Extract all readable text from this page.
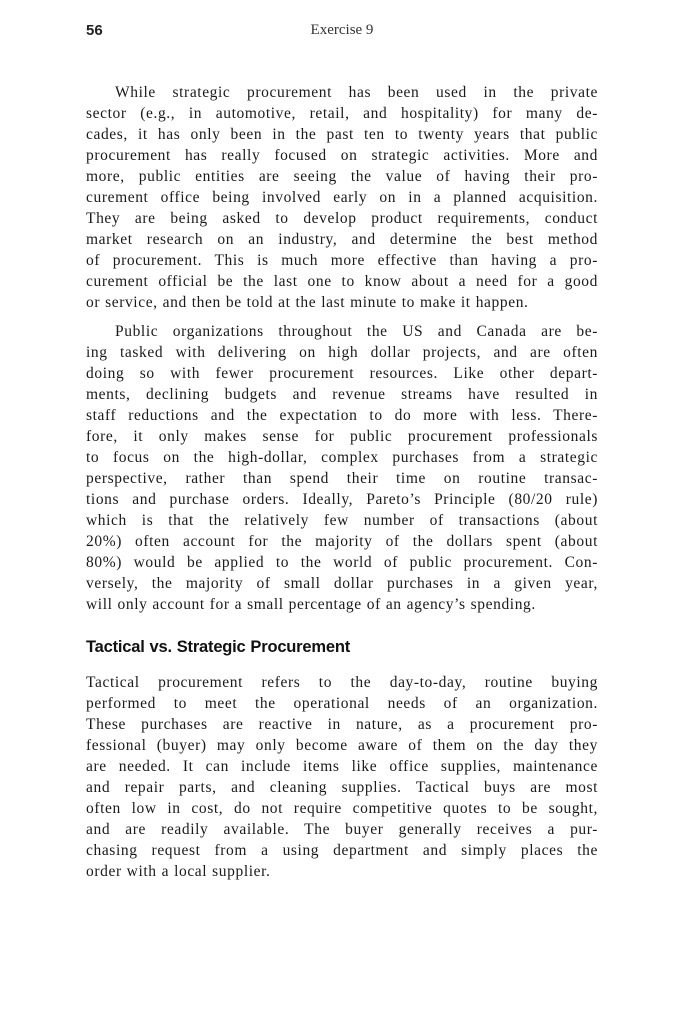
56	Exercise 9
While strategic procurement has been used in the private
sector (e.g., in automotive, retail, and hospitality) for many de-
cades, it has only been in the past ten to twenty years that public
procurement has really focused on strategic activities. More and
more, public entities are seeing the value of having their pro-
curement office being involved early on in a planned acquisition.
They are being asked to develop product requirements, conduct
market research on an industry, and determine the best method
of procurement. This is much more effective than having a pro-
curement official be the last one to know about a need for a good
or service, and then be told at the last minute to make it happen.
Public organizations throughout the US and Canada are be-
ing tasked with delivering on high dollar projects, and are often
doing so with fewer procurement resources. Like other depart-
ments, declining budgets and revenue streams have resulted in
staff reductions and the expectation to do more with less. There-
fore, it only makes sense for public procurement professionals
to focus on the high-dollar, complex purchases from a strategic
perspective, rather than spend their time on routine transac-
tions and purchase orders. Ideally, Pareto’s Principle (80/20 rule)
which is that the relatively few number of transactions (about
20%) often account for the majority of the dollars spent (about
80%) would be applied to the world of public procurement. Con-
versely, the majority of small dollar purchases in a given year,
will only account for a small percentage of an agency’s spending.
Tactical vs. Strategic Procurement
Tactical procurement refers to the day-to-day, routine buying
performed to meet the operational needs of an organization.
These purchases are reactive in nature, as a procurement pro-
fessional (buyer) may only become aware of them on the day they
are needed. It can include items like office supplies, maintenance
and repair parts, and cleaning supplies. Tactical buys are most
often low in cost, do not require competitive quotes to be sought,
and are readily available. The buyer generally receives a pur-
chasing request from a using department and simply places the
order with a local supplier.
